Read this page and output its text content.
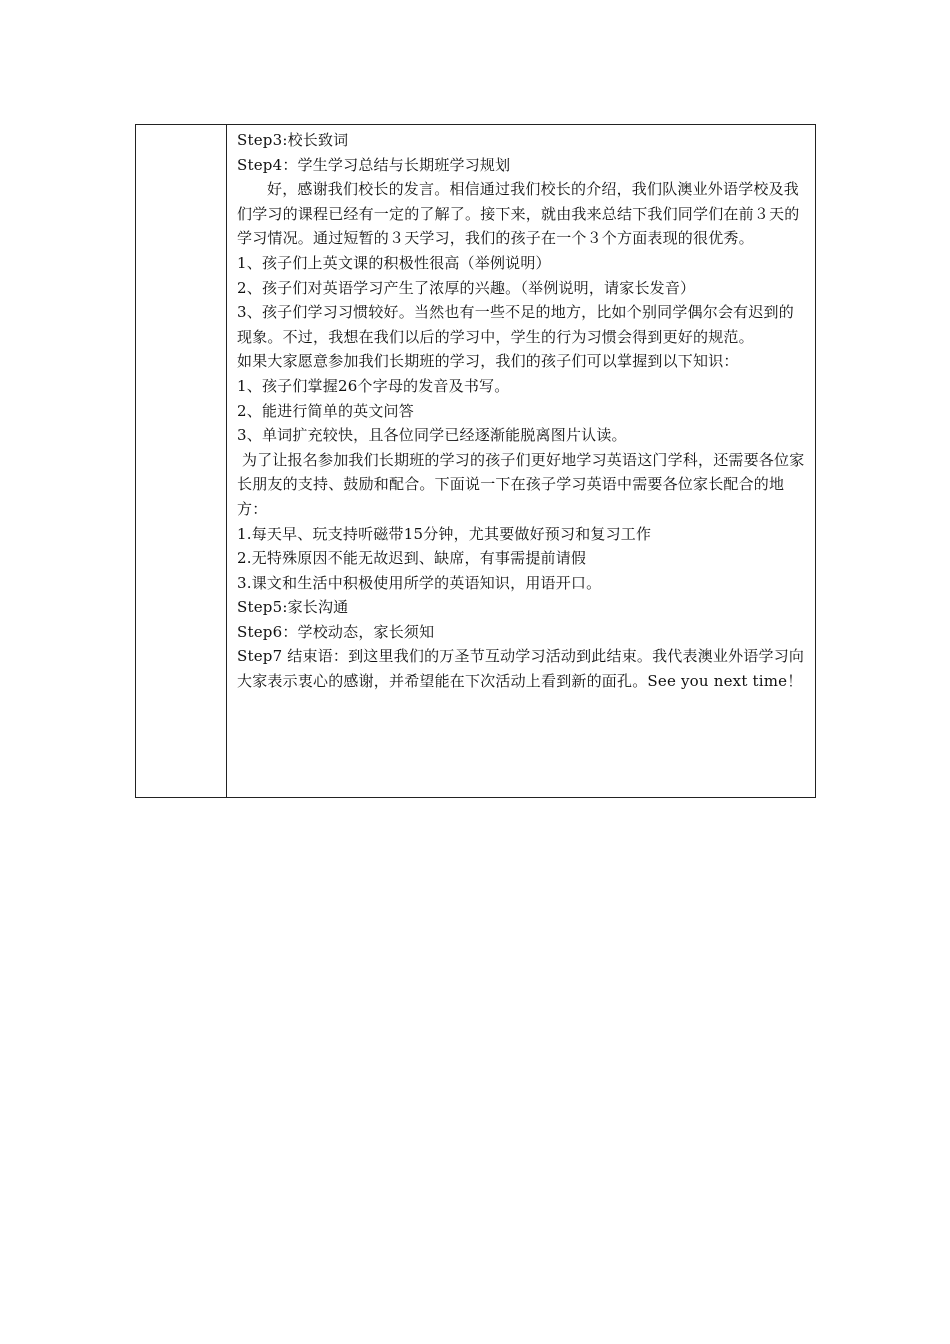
Step3:校长致词

Step4：学生学习总结与长期班学习规划

好，感谢我们校长的发言。相信通过我们校长的介绍，我们队澳业外语学校及我们学习的课程已经有一定的了解了。接下来，就由我来总结下我们同学们在前３天的学习情况。通过短暂的３天学习，我们的孩子在一个３个方面表现的很优秀。

1、孩子们上英文课的积极性很高（举例说明）

2、孩子们对英语学习产生了浓厚的兴趣。（举例说明，请家长发音）

3、孩子们学习习惯较好。当然也有一些不足的地方，比如个别同学偶尔会有迟到的现象。不过，我想在我们以后的学习中，学生的行为习惯会得到更好的规范。

如果大家愿意参加我们长期班的学习，我们的孩子们可以掌握到以下知识：

1、孩子们掌握26个字母的发音及书写。

2、能进行简单的英文问答

3、单词扩充较快，且各位同学已经逐渐能脱离图片认读。

为了让报名参加我们长期班的学习的孩子们更好地学习英语这门学科，还需要各位家长朋友的支持、鼓励和配合。下面说一下在孩子学习英语中需要各位家长配合的地方：

1.每天早、玩支持听磁带15分钟，尤其要做好预习和复习工作

2.无特殊原因不能无故迟到、缺席，有事需提前请假

3.课文和生活中积极使用所学的英语知识，用语开口。

Step5:家长沟通

Step6：学校动态，家长须知

Step7 结束语：到这里我们的万圣节互动学习活动到此结束。我代表澳业外语学习向大家表示衷心的感谢，并希望能在下次活动上看到新的面孔。See you next time！
